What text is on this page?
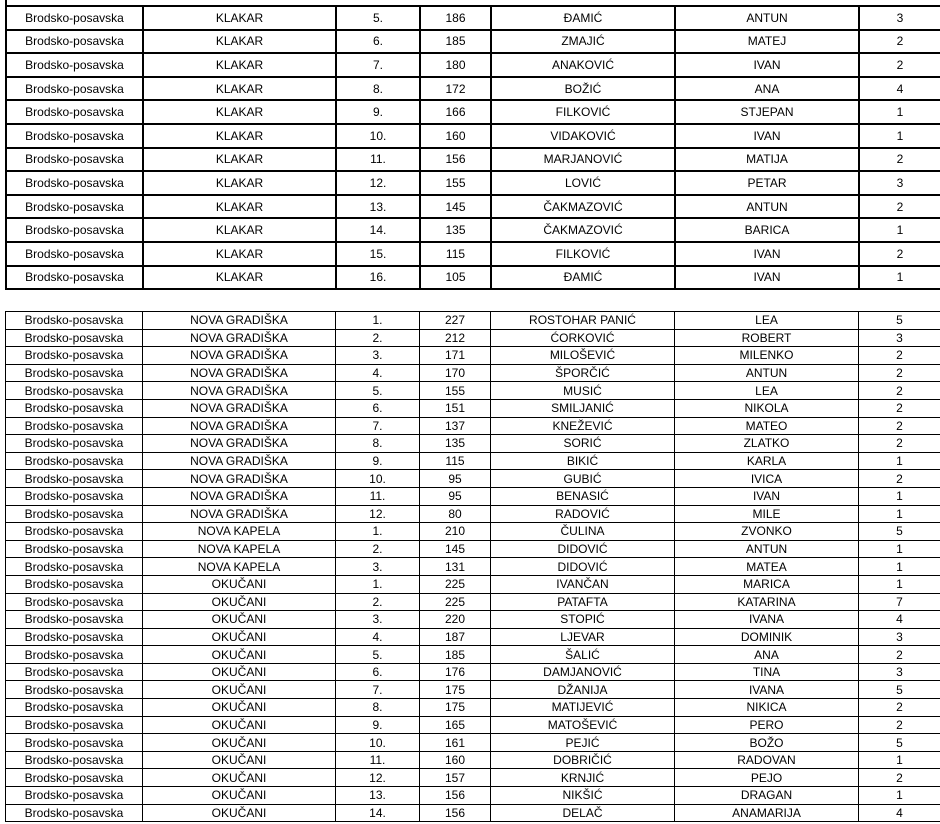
Brodsko-posavska	KLAKAR	5.	186	ĐAMIĆ	ANTUN	3
Brodsko-posavska	KLAKAR	6.	185	ZMAJIĆ	MATEJ	2
Brodsko-posavska	KLAKAR	7.	180	ANAKOVIĆ	IVAN	2
Brodsko-posavska	KLAKAR	8.	172	BOŽIĆ	ANA	4
Brodsko-posavska	KLAKAR	9.	166	FILKOVIĆ	STJEPAN	1
Brodsko-posavska	KLAKAR	10.	160	VIDAKOVIĆ	IVAN	1
Brodsko-posavska	KLAKAR	11.	156	MARJANOVIĆ	MATIJA	2
Brodsko-posavska	KLAKAR	12.	155	LOVIĆ	PETAR	3
Brodsko-posavska	KLAKAR	13.	145	ČAKMAZOVIĆ	ANTUN	2
Brodsko-posavska	KLAKAR	14.	135	ČAKMAZOVIĆ	BARICA	1
Brodsko-posavska	KLAKAR	15.	115	FILKOVIĆ	IVAN	2
Brodsko-posavska	KLAKAR	16.	105	ĐAMIĆ	IVAN	1
Brodsko-posavska	NOVA GRADIŠKA	1.	227	ROSTOHAR PANIĆ	LEA	5
Brodsko-posavska	NOVA GRADIŠKA	2.	212	ĆORKOVIĆ	ROBERT	3
Brodsko-posavska	NOVA GRADIŠKA	3.	171	MILOŠEVIĆ	MILENKO	2
Brodsko-posavska	NOVA GRADIŠKA	4.	170	ŠPORČIĆ	ANTUN	2
Brodsko-posavska	NOVA GRADIŠKA	5.	155	MUSIĆ	LEA	2
Brodsko-posavska	NOVA GRADIŠKA	6.	151	SMILJANIĆ	NIKOLA	2
Brodsko-posavska	NOVA GRADIŠKA	7.	137	KNEŽEVIĆ	MATEO	2
Brodsko-posavska	NOVA GRADIŠKA	8.	135	SORIĆ	ZLATKO	2
Brodsko-posavska	NOVA GRADIŠKA	9.	115	BIKIĆ	KARLA	1
Brodsko-posavska	NOVA GRADIŠKA	10.	95	GUBIĆ	IVICA	2
Brodsko-posavska	NOVA GRADIŠKA	11.	95	BENASIĆ	IVAN	1
Brodsko-posavska	NOVA GRADIŠKA	12.	80	RADOVIĆ	MILE	1
Brodsko-posavska	NOVA KAPELA	1.	210	ČULINA	ZVONKO	5
Brodsko-posavska	NOVA KAPELA	2.	145	DIDOVIĆ	ANTUN	1
Brodsko-posavska	NOVA KAPELA	3.	131	DIDOVIĆ	MATEA	1
Brodsko-posavska	OKUČANI	1.	225	IVANČAN	MARICA	1
Brodsko-posavska	OKUČANI	2.	225	PATAFTA	KATARINA	7
Brodsko-posavska	OKUČANI	3.	220	STOPIĆ	IVANA	4
Brodsko-posavska	OKUČANI	4.	187	LJEVAR	DOMINIK	3
Brodsko-posavska	OKUČANI	5.	185	ŠALIĆ	ANA	2
Brodsko-posavska	OKUČANI	6.	176	DAMJANOVIĆ	TINA	3
Brodsko-posavska	OKUČANI	7.	175	DŽANIJA	IVANA	5
Brodsko-posavska	OKUČANI	8.	175	MATIJEVIĆ	NIKICA	2
Brodsko-posavska	OKUČANI	9.	165	MATOŠEVIĆ	PERO	2
Brodsko-posavska	OKUČANI	10.	161	PEJIĆ	BOŽO	5
Brodsko-posavska	OKUČANI	11.	160	DOBRIČIĆ	RADOVAN	1
Brodsko-posavska	OKUČANI	12.	157	KRNJIĆ	PEJO	2
Brodsko-posavska	OKUČANI	13.	156	NIKŠIĆ	DRAGAN	1
Brodsko-posavska	OKUČANI	14.	156	DELAČ	ANAMARIJA	4
